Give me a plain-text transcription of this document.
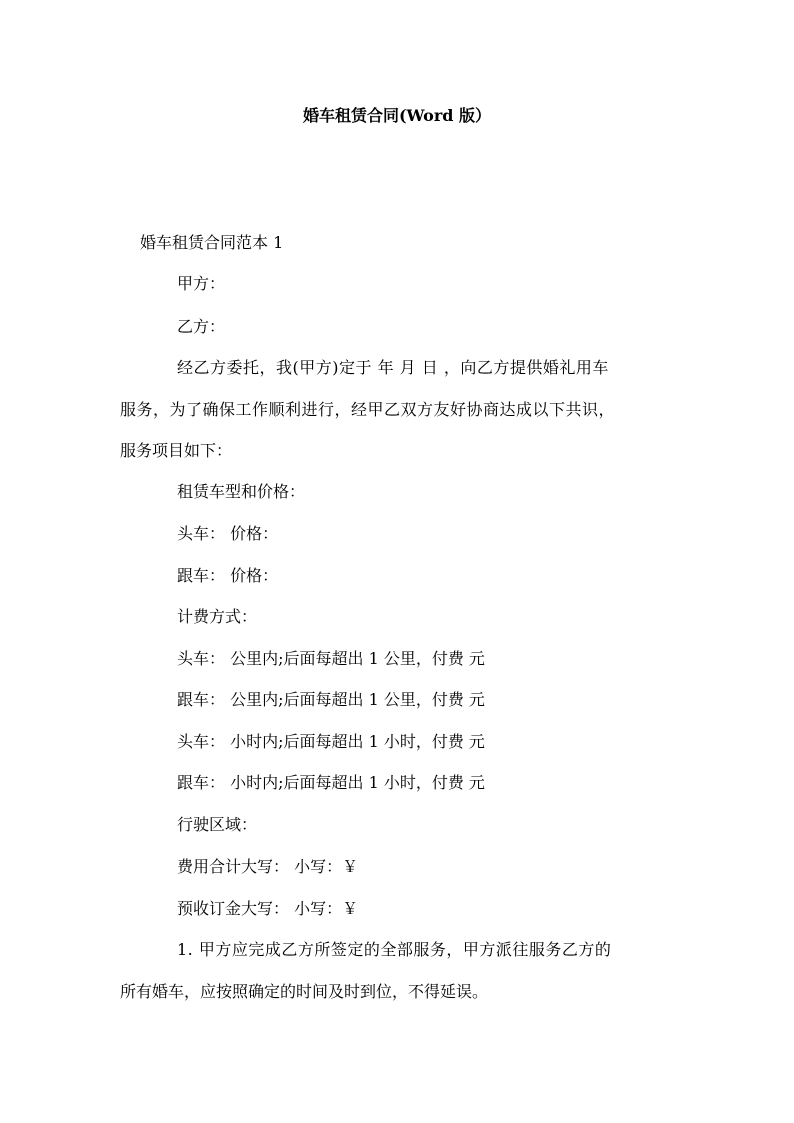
婚车租赁合同(Word 版）
婚车租赁合同范本 1
甲方：
乙方：
经乙方委托，我(甲方)定于 年 月 日 ，向乙方提供婚礼用车
服务，为了确保工作顺利进行，经甲乙双方友好协商达成以下共识，
服务项目如下：
租赁车型和价格：
头车： 价格：
跟车： 价格：
计费方式：
头车： 公里内;后面每超出 1 公里，付费 元
跟车： 公里内;后面每超出 1 公里，付费 元
头车： 小时内;后面每超出 1 小时，付费 元
跟车： 小时内;后面每超出 1 小时，付费 元
行驶区域：
费用合计大写： 小写：￥
预收订金大写： 小写：￥
1. 甲方应完成乙方所签定的全部服务，甲方派往服务乙方的
所有婚车，应按照确定的时间及时到位，不得延误。
